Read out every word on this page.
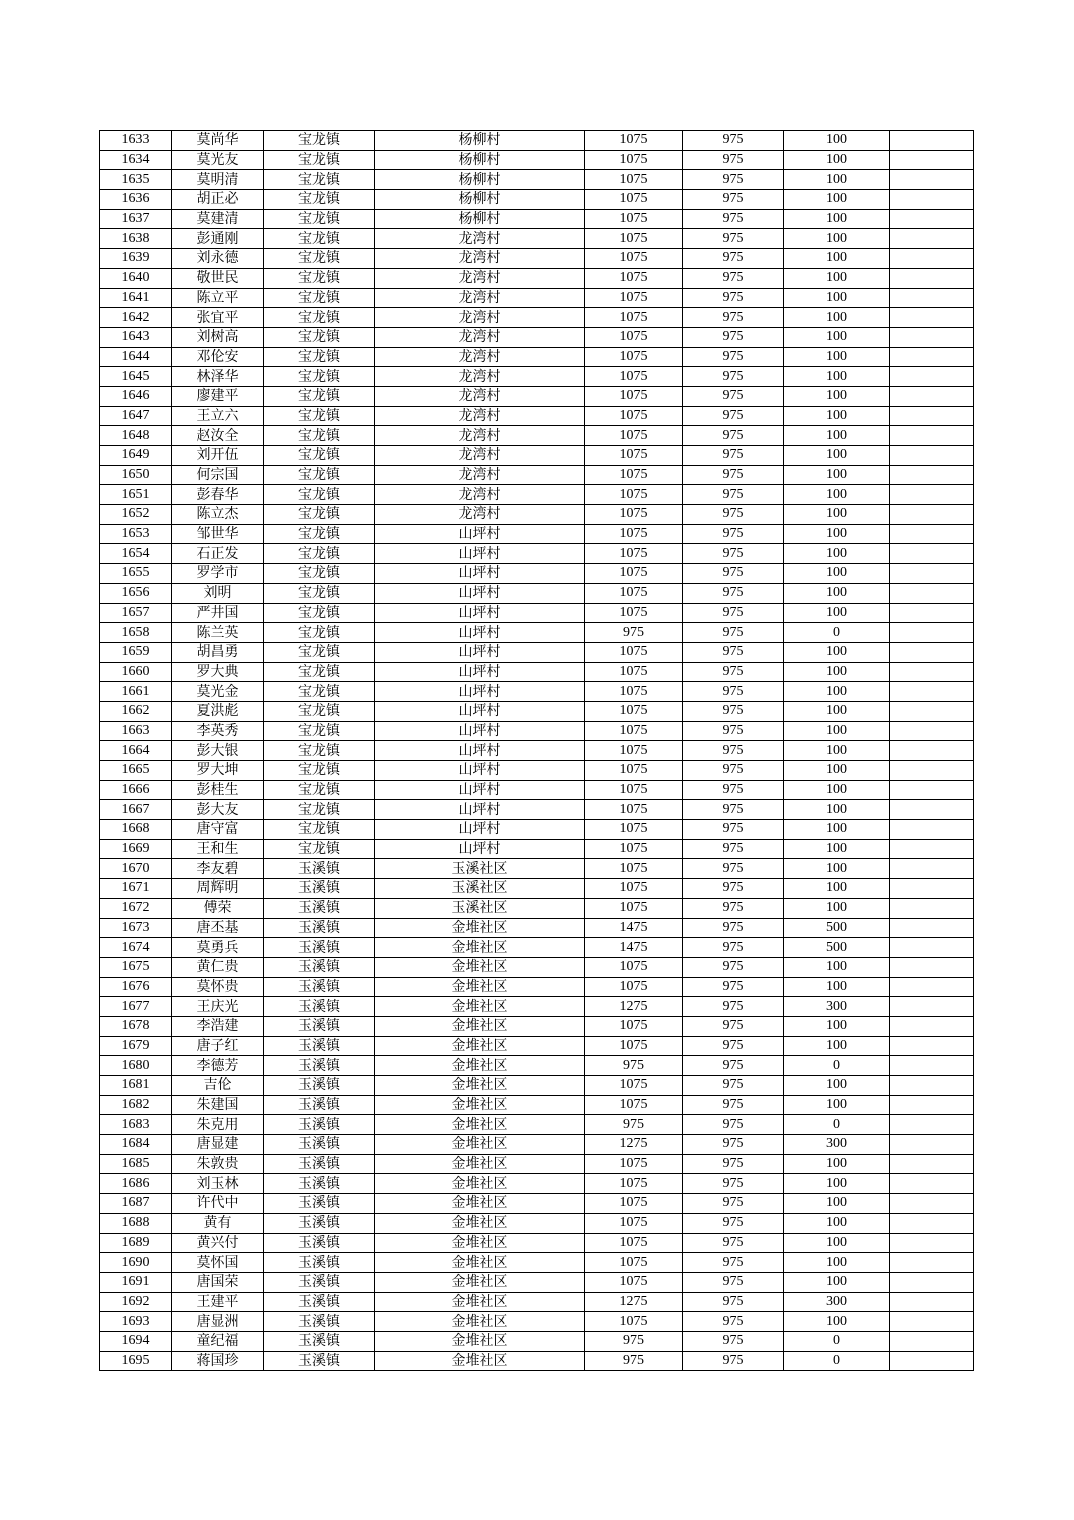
1633	莫尚华	宝龙镇	杨柳村	1075	975	100	
1634	莫光友	宝龙镇	杨柳村	1075	975	100	
1635	莫明清	宝龙镇	杨柳村	1075	975	100	
1636	胡正必	宝龙镇	杨柳村	1075	975	100	
1637	莫建清	宝龙镇	杨柳村	1075	975	100	
1638	彭通刚	宝龙镇	龙湾村	1075	975	100	
1639	刘永德	宝龙镇	龙湾村	1075	975	100	
1640	敬世民	宝龙镇	龙湾村	1075	975	100	
1641	陈立平	宝龙镇	龙湾村	1075	975	100	
1642	张宜平	宝龙镇	龙湾村	1075	975	100	
1643	刘树高	宝龙镇	龙湾村	1075	975	100	
1644	邓伦安	宝龙镇	龙湾村	1075	975	100	
1645	林泽华	宝龙镇	龙湾村	1075	975	100	
1646	廖建平	宝龙镇	龙湾村	1075	975	100	
1647	王立六	宝龙镇	龙湾村	1075	975	100	
1648	赵汝全	宝龙镇	龙湾村	1075	975	100	
1649	刘开伍	宝龙镇	龙湾村	1075	975	100	
1650	何宗国	宝龙镇	龙湾村	1075	975	100	
1651	彭春华	宝龙镇	龙湾村	1075	975	100	
1652	陈立杰	宝龙镇	龙湾村	1075	975	100	
1653	邹世华	宝龙镇	山坪村	1075	975	100	
1654	石正发	宝龙镇	山坪村	1075	975	100	
1655	罗学市	宝龙镇	山坪村	1075	975	100	
1656	刘明	宝龙镇	山坪村	1075	975	100	
1657	严井国	宝龙镇	山坪村	1075	975	100	
1658	陈兰英	宝龙镇	山坪村	975	975	0	
1659	胡昌勇	宝龙镇	山坪村	1075	975	100	
1660	罗大典	宝龙镇	山坪村	1075	975	100	
1661	莫光金	宝龙镇	山坪村	1075	975	100	
1662	夏洪彪	宝龙镇	山坪村	1075	975	100	
1663	李英秀	宝龙镇	山坪村	1075	975	100	
1664	彭大银	宝龙镇	山坪村	1075	975	100	
1665	罗大坤	宝龙镇	山坪村	1075	975	100	
1666	彭桂生	宝龙镇	山坪村	1075	975	100	
1667	彭大友	宝龙镇	山坪村	1075	975	100	
1668	唐守富	宝龙镇	山坪村	1075	975	100	
1669	王和生	宝龙镇	山坪村	1075	975	100	
1670	李友碧	玉溪镇	玉溪社区	1075	975	100	
1671	周辉明	玉溪镇	玉溪社区	1075	975	100	
1672	傅荣	玉溪镇	玉溪社区	1075	975	100	
1673	唐丕基	玉溪镇	金堆社区	1475	975	500	
1674	莫勇兵	玉溪镇	金堆社区	1475	975	500	
1675	黄仁贵	玉溪镇	金堆社区	1075	975	100	
1676	莫怀贵	玉溪镇	金堆社区	1075	975	100	
1677	王庆光	玉溪镇	金堆社区	1275	975	300	
1678	李浩建	玉溪镇	金堆社区	1075	975	100	
1679	唐子红	玉溪镇	金堆社区	1075	975	100	
1680	李德芳	玉溪镇	金堆社区	975	975	0	
1681	吉伦	玉溪镇	金堆社区	1075	975	100	
1682	朱建国	玉溪镇	金堆社区	1075	975	100	
1683	朱克用	玉溪镇	金堆社区	975	975	0	
1684	唐显建	玉溪镇	金堆社区	1275	975	300	
1685	朱敦贵	玉溪镇	金堆社区	1075	975	100	
1686	刘玉林	玉溪镇	金堆社区	1075	975	100	
1687	许代中	玉溪镇	金堆社区	1075	975	100	
1688	黄有	玉溪镇	金堆社区	1075	975	100	
1689	黄兴付	玉溪镇	金堆社区	1075	975	100	
1690	莫怀国	玉溪镇	金堆社区	1075	975	100	
1691	唐国荣	玉溪镇	金堆社区	1075	975	100	
1692	王建平	玉溪镇	金堆社区	1275	975	300	
1693	唐显洲	玉溪镇	金堆社区	1075	975	100	
1694	童纪福	玉溪镇	金堆社区	975	975	0	
1695	蒋国珍	玉溪镇	金堆社区	975	975	0	
